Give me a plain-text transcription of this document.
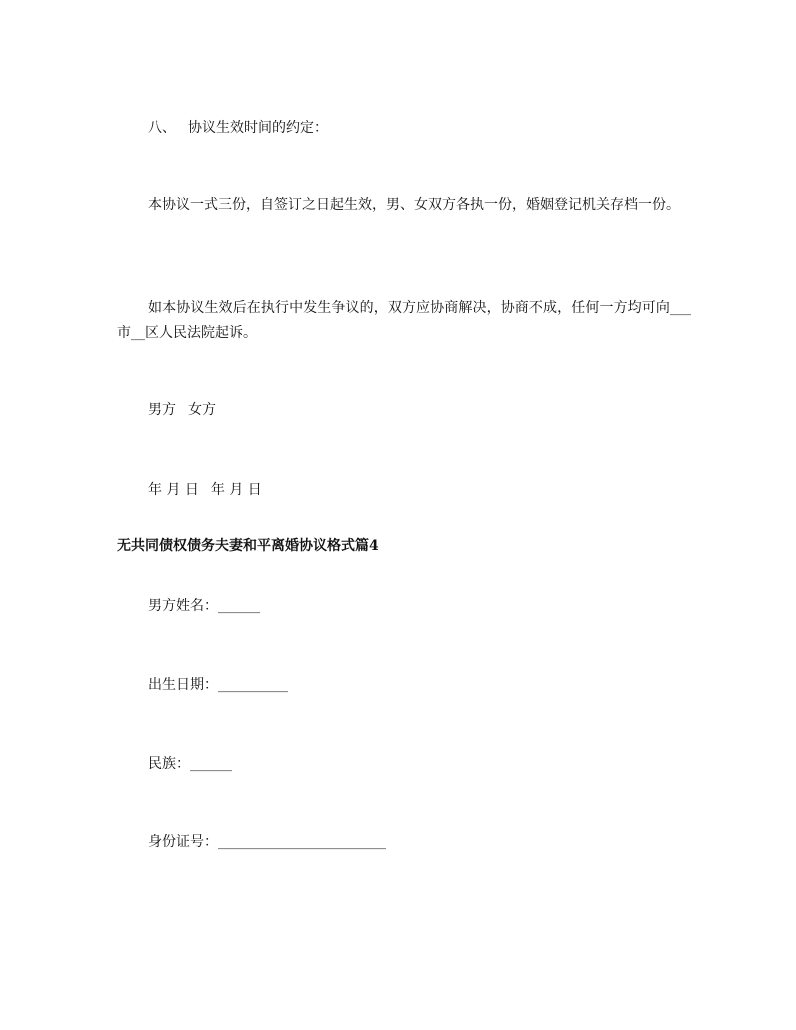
八、 协议生效时间的约定：

本协议一式三份，自签订之日起生效，男、女双方各执一份，婚姻登记机关存档一份。

如本协议生效后在执行中发生争议的，双方应协商解决，协商不成，任何一方均可向___市__区人民法院起诉。

男方 女方

年 月 日 年 月 日

无共同债权债务夫妻和平离婚协议格式篇4

男方姓名：______

出生日期：__________

民族：______

身份证号：________________________
